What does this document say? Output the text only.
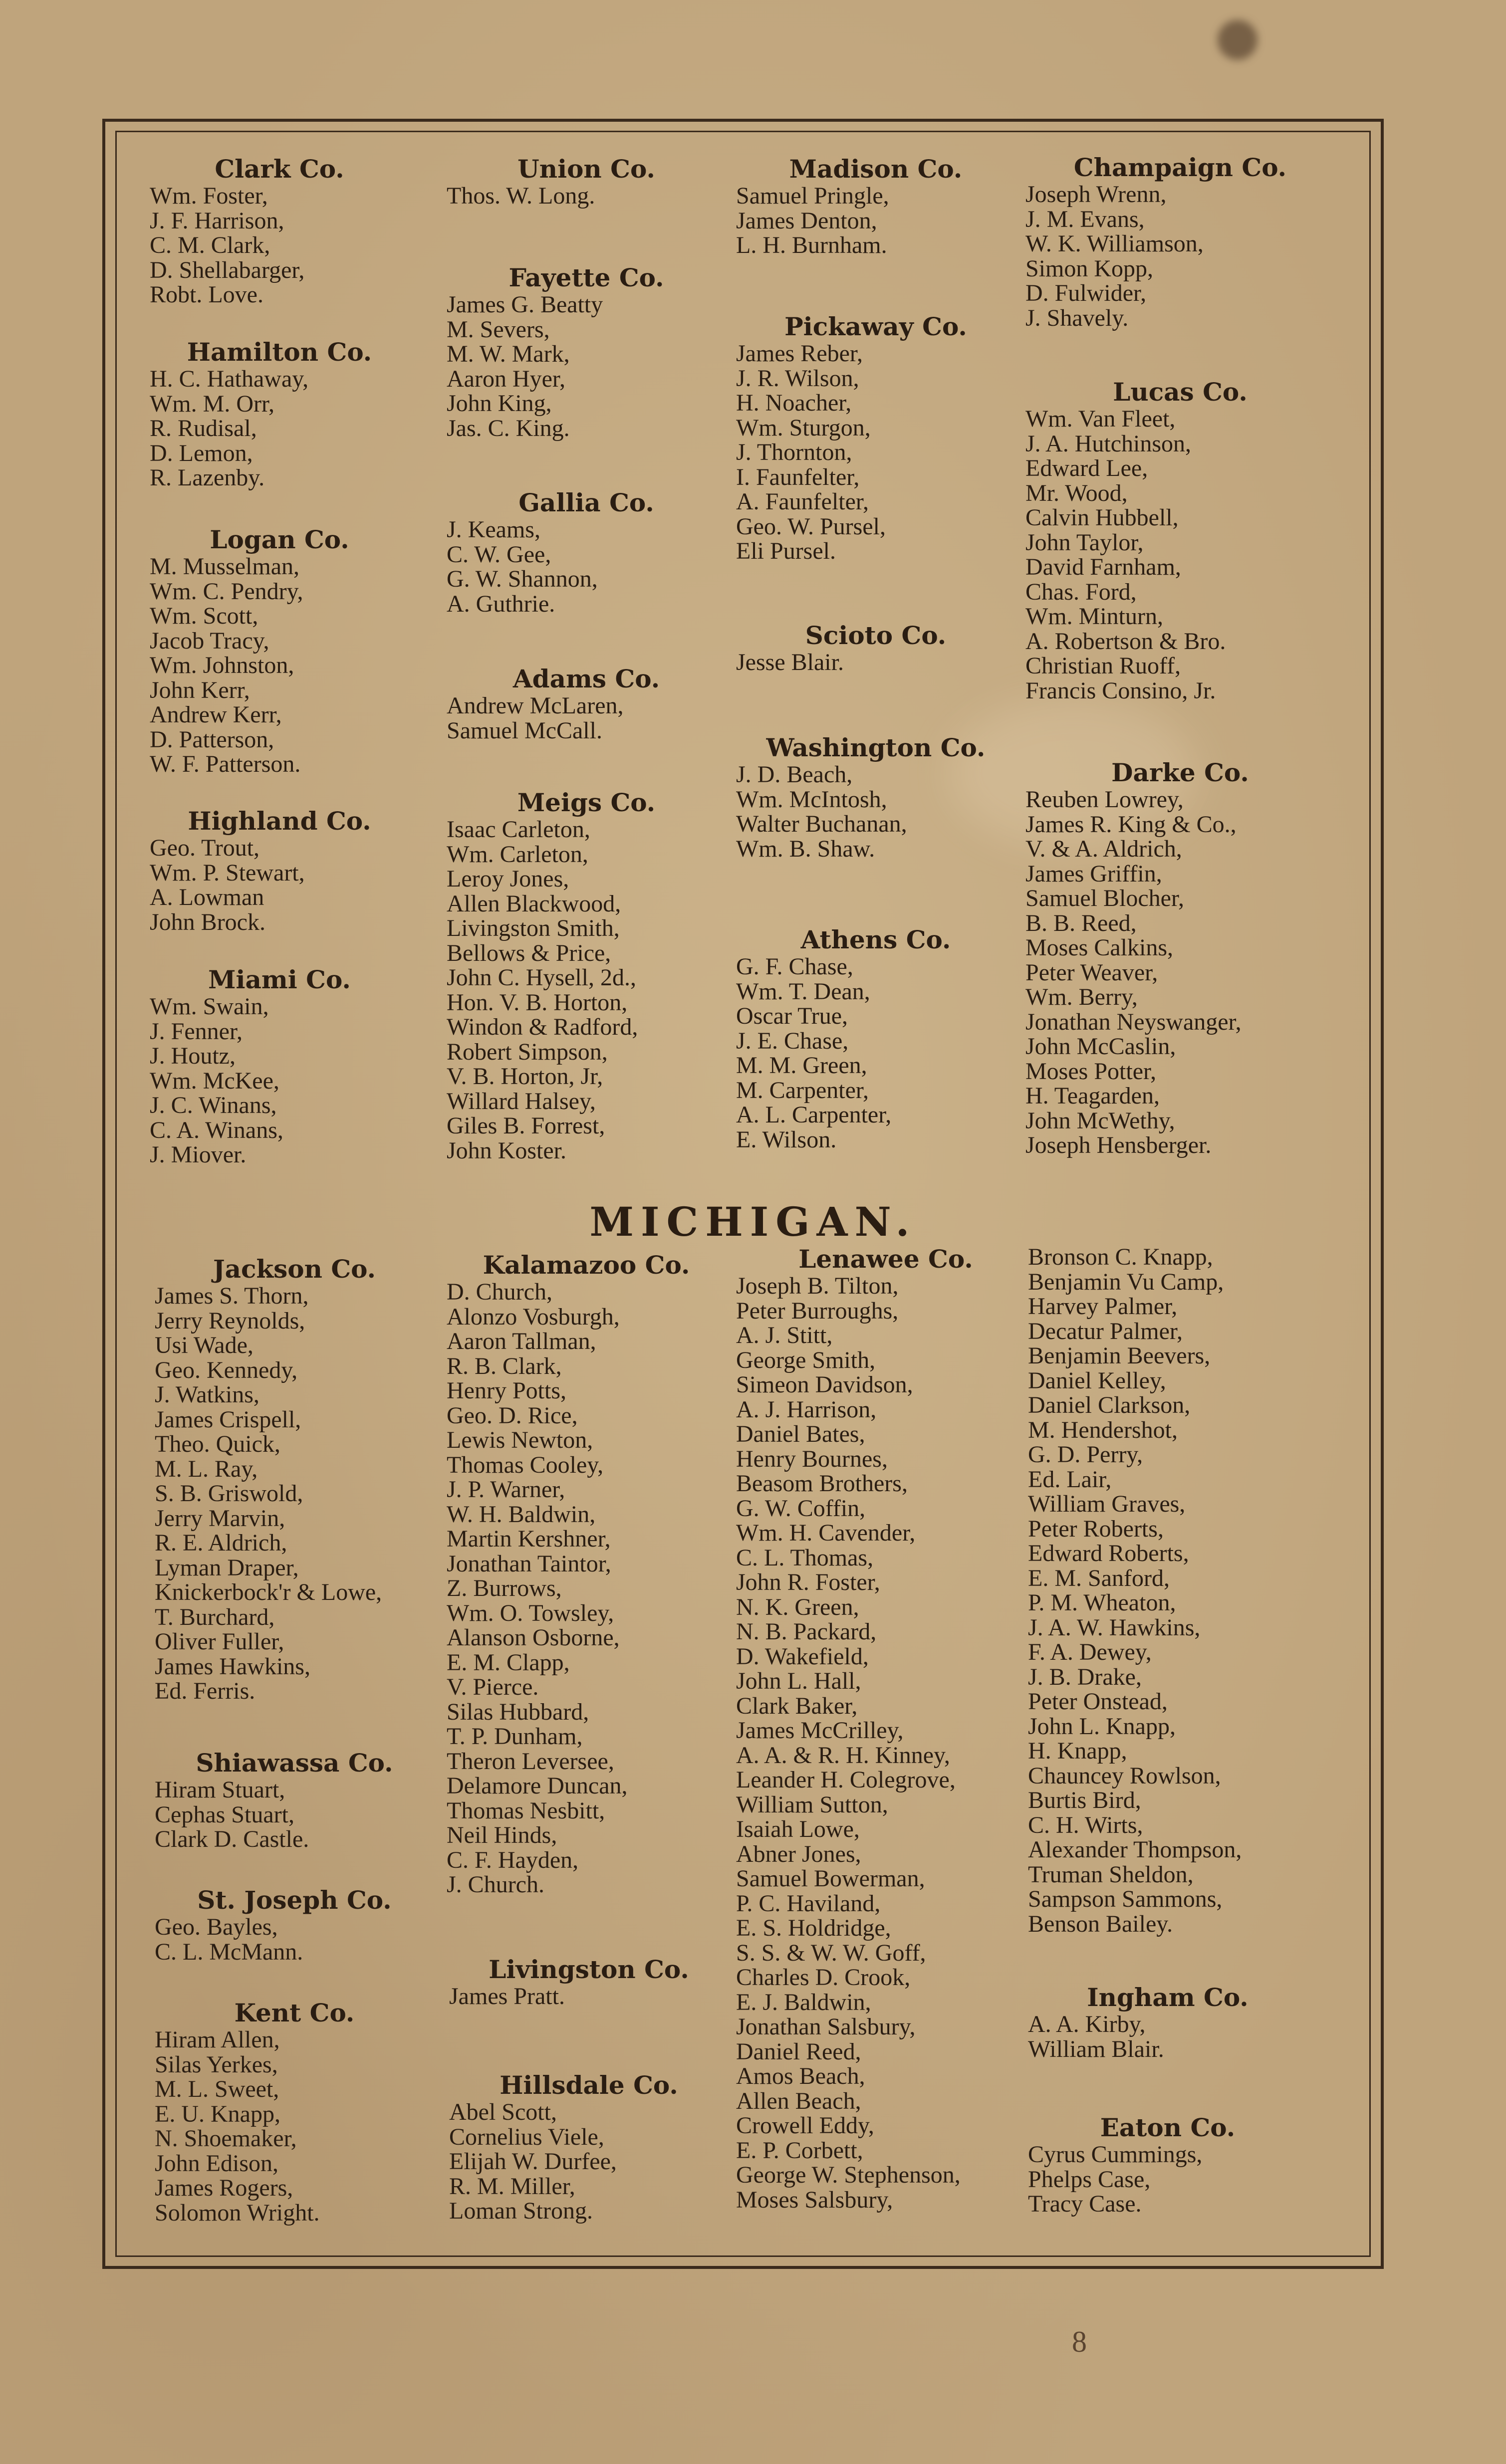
Clark Co.
Wm. Foster,
J. F. Harrison,
C. M. Clark,
D. Shellabarger,
Robt. Love.
Hamilton Co.
H. C. Hathaway,
Wm. M. Orr,
R. Rudisal,
D. Lemon,
R. Lazenby.
Logan Co.
M. Musselman,
Wm. C. Pendry,
Wm. Scott,
Jacob Tracy,
Wm. Johnston,
John Kerr,
Andrew Kerr,
D. Patterson,
W. F. Patterson.
Highland Co.
Geo. Trout,
Wm. P. Stewart,
A. Lowman
John Brock.
Miami Co.
Wm. Swain,
J. Fenner,
J. Houtz,
Wm. McKee,
J. C. Winans,
C. A. Winans,
J. Miover.
Union Co.
Thos. W. Long.
Fayette Co.
James G. Beatty
M. Severs,
M. W. Mark,
Aaron Hyer,
John King,
Jas. C. King.
Gallia Co.
J. Keams,
C. W. Gee,
G. W. Shannon,
A. Guthrie.
Adams Co.
Andrew McLaren,
Samuel McCall.
Meigs Co.
Isaac Carleton,
Wm. Carleton,
Leroy Jones,
Allen Blackwood,
Livingston Smith,
Bellows & Price,
John C. Hysell, 2d.,
Hon. V. B. Horton,
Windon & Radford,
Robert Simpson,
V. B. Horton, Jr,
Willard Halsey,
Giles B. Forrest,
John Koster.
Madison Co.
Samuel Pringle,
James Denton,
L. H. Burnham.
Pickaway Co.
James Reber,
J. R. Wilson,
H. Noacher,
Wm. Sturgon,
J. Thornton,
I. Faunfelter,
A. Faunfelter,
Geo. W. Pursel,
Eli Pursel.
Scioto Co.
Jesse Blair.
Washington Co.
J. D. Beach,
Wm. McIntosh,
Walter Buchanan,
Wm. B. Shaw.
Athens Co.
G. F. Chase,
Wm. T. Dean,
Oscar True,
J. E. Chase,
M. M. Green,
M. Carpenter,
A. L. Carpenter,
E. Wilson.
Champaign Co.
Joseph Wrenn,
J. M. Evans,
W. K. Williamson,
Simon Kopp,
D. Fulwider,
J. Shavely.
Lucas Co.
Wm. Van Fleet,
J. A. Hutchinson,
Edward Lee,
Mr. Wood,
Calvin Hubbell,
John Taylor,
David Farnham,
Chas. Ford,
Wm. Minturn,
A. Robertson & Bro.
Christian Ruoff,
Francis Consino, Jr.
Darke Co.
Reuben Lowrey,
James R. King & Co.,
V. & A. Aldrich,
James Griffin,
Samuel Blocher,
B. B. Reed,
Moses Calkins,
Peter Weaver,
Wm. Berry,
Jonathan Neyswanger,
John McCaslin,
Moses Potter,
H. Teagarden,
John McWethy,
Joseph Hensberger.
MICHIGAN.
Jackson Co.
James S. Thorn,
Jerry Reynolds,
Usi Wade,
Geo. Kennedy,
J. Watkins,
James Crispell,
Theo. Quick,
M. L. Ray,
S. B. Griswold,
Jerry Marvin,
R. E. Aldrich,
Lyman Draper,
Knickerbock'r & Lowe,
T. Burchard,
Oliver Fuller,
James Hawkins,
Ed. Ferris.
Shiawassa Co.
Hiram Stuart,
Cephas Stuart,
Clark D. Castle.
St. Joseph Co.
Geo. Bayles,
C. L. McMann.
Kent Co.
Hiram Allen,
Silas Yerkes,
M. L. Sweet,
E. U. Knapp,
N. Shoemaker,
John Edison,
James Rogers,
Solomon Wright.
Kalamazoo Co.
D. Church,
Alonzo Vosburgh,
Aaron Tallman,
R. B. Clark,
Henry Potts,
Geo. D. Rice,
Lewis Newton,
Thomas Cooley,
J. P. Warner,
W. H. Baldwin,
Martin Kershner,
Jonathan Taintor,
Z. Burrows,
Wm. O. Towsley,
Alanson Osborne,
E. M. Clapp,
V. Pierce.
Silas Hubbard,
T. P. Dunham,
Theron Leversee,
Delamore Duncan,
Thomas Nesbitt,
Neil Hinds,
C. F. Hayden,
J. Church.
Livingston Co.
James Pratt.
Hillsdale Co.
Abel Scott,
Cornelius Viele,
Elijah W. Durfee,
R. M. Miller,
Loman Strong.
Lenawee Co.
Joseph B. Tilton,
Peter Burroughs,
A. J. Stitt,
George Smith,
Simeon Davidson,
A. J. Harrison,
Daniel Bates,
Henry Bournes,
Beasom Brothers,
G. W. Coffin,
Wm. H. Cavender,
C. L. Thomas,
John R. Foster,
N. K. Green,
N. B. Packard,
D. Wakefield,
John L. Hall,
Clark Baker,
James McCrilley,
A. A. & R. H. Kinney,
Leander H. Colegrove,
William Sutton,
Isaiah Lowe,
Abner Jones,
Samuel Bowerman,
P. C. Haviland,
E. S. Holdridge,
S. S. & W. W. Goff,
Charles D. Crook,
E. J. Baldwin,
Jonathan Salsbury,
Daniel Reed,
Amos Beach,
Allen Beach,
Crowell Eddy,
E. P. Corbett,
George W. Stephenson,
Moses Salsbury,
Bronson C. Knapp,
Benjamin Vu Camp,
Harvey Palmer,
Decatur Palmer,
Benjamin Beevers,
Daniel Kelley,
Daniel Clarkson,
M. Hendershot,
G. D. Perry,
Ed. Lair,
William Graves,
Peter Roberts,
Edward Roberts,
E. M. Sanford,
P. M. Wheaton,
J. A. W. Hawkins,
F. A. Dewey,
J. B. Drake,
Peter Onstead,
John L. Knapp,
H. Knapp,
Chauncey Rowlson,
Burtis Bird,
C. H. Wirts,
Alexander Thompson,
Truman Sheldon,
Sampson Sammons,
Benson Bailey.
Ingham Co.
A. A. Kirby,
William Blair.
Eaton Co.
Cyrus Cummings,
Phelps Case,
Tracy Case.
8
